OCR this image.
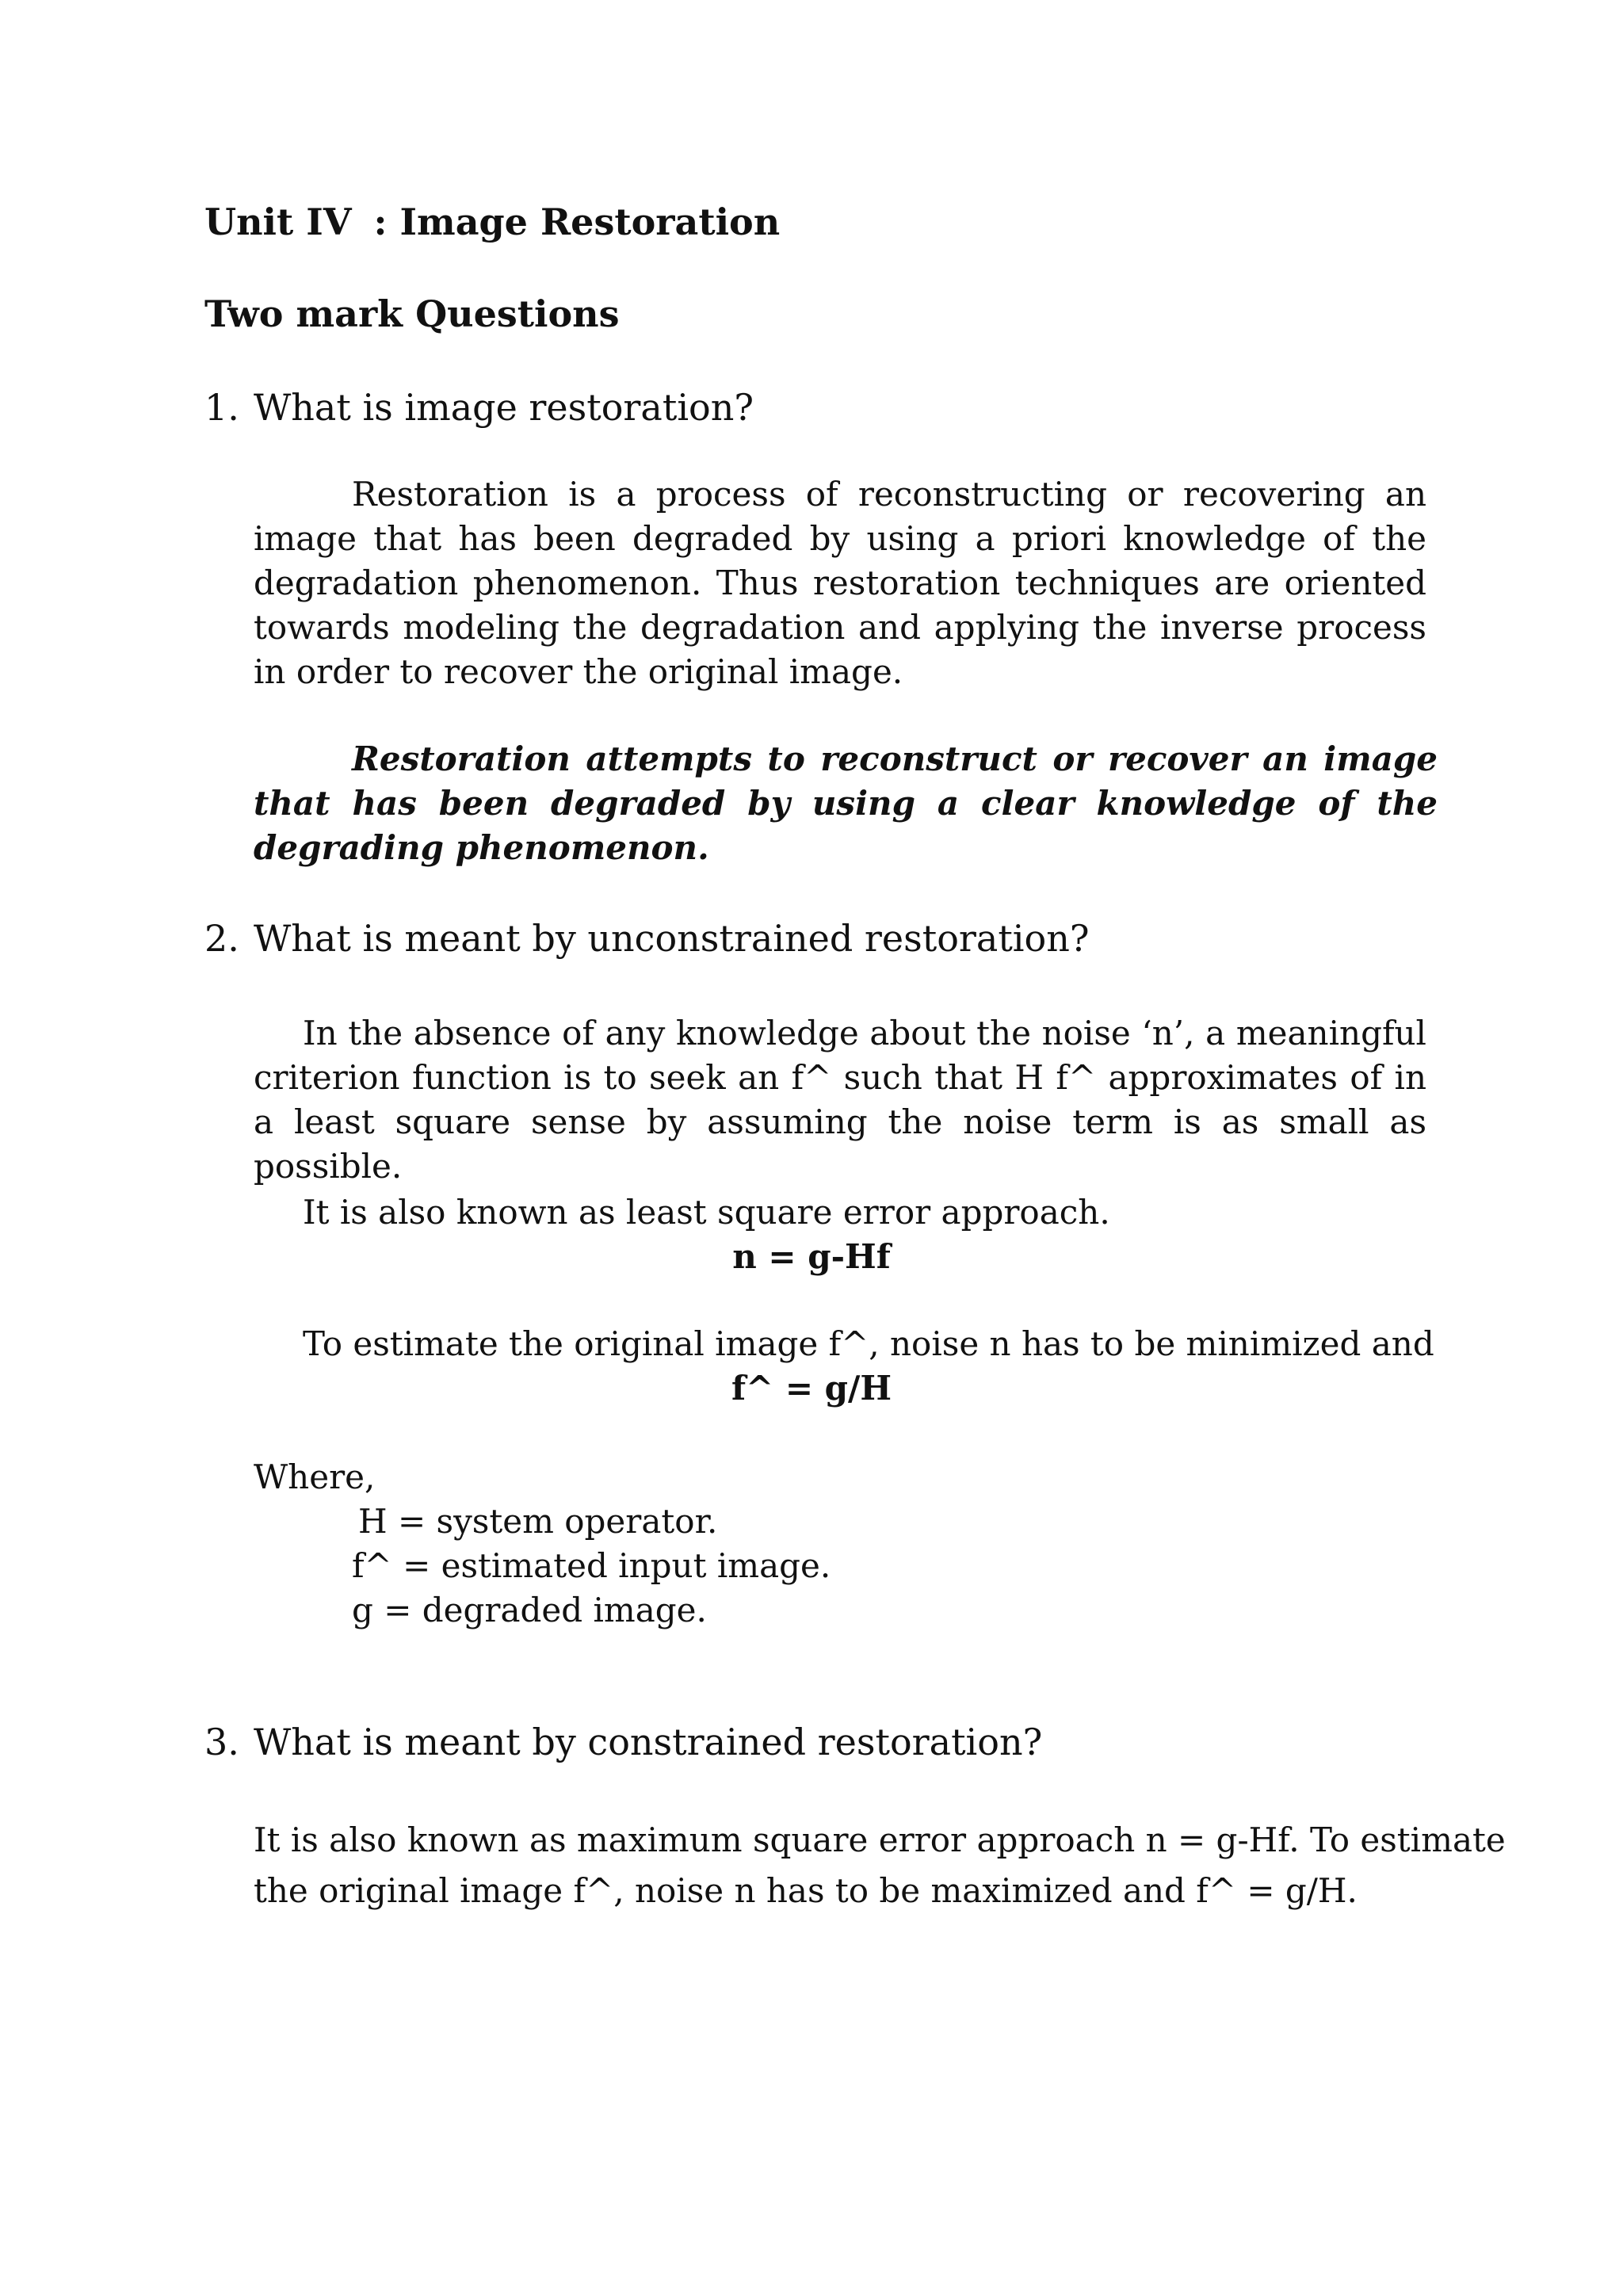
Unit IV : Image Restoration
Two mark Questions

1. What is image restoration?

Restoration is a process of reconstructing or recovering an image that has been degraded by using a priori knowledge of the degradation phenomenon. Thus restoration techniques are oriented towards modeling the degradation and applying the inverse process in order to recover the original image.

Restoration attempts to reconstruct or recover an image that has been degraded by using a clear knowledge of the degrading phenomenon.

2. What is meant by unconstrained restoration?

In the absence of any knowledge about the noise ‘n’, a meaningful criterion function is to seek an f^ such that H f^ approximates of in a least square sense by assuming the noise term is as small as possible.

It is also known as least square error approach.

n = g-Hf

To estimate the original image f^, noise n has to be minimized and

f^ = g/H

Where,

H = system operator.

f^ = estimated input image.

g = degraded image.

3. What is meant by constrained restoration?

It is also known as maximum square error approach n = g-Hf. To estimate

the original image f^, noise n has to be maximized and f^ = g/H.
